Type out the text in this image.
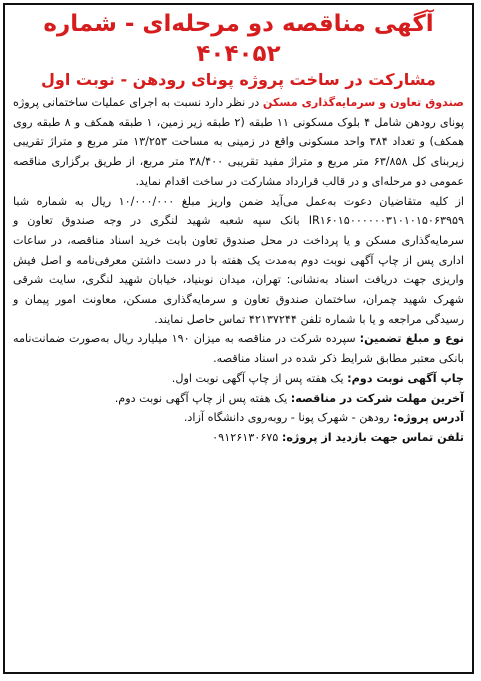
آگهی مناقصه دو مرحله‌ای - شماره ۴۰۴۰۵۲
مشارکت در ساخت پروژه پونای رودهن - نوبت اول

صندوق تعاون و سرمایه‌گذاری مسکن در نظر دارد نسبت به اجرای عملیات ساختمانی پروژه پونای رودهن شامل ۴ بلوک مسکونی ۱۱ طبقه (۲ طبقه زیر زمین، ۱ طبقه همکف و ۸ طبقه روی همکف) و تعداد ۳۸۴ واحد مسکونی واقع در زمینی به مساحت ۱۳/۲۵۳ متر مربع و متراژ تقریبی زیربنای کل ۶۳/۸۵۸ متر مربع و متراژ مفید تقریبی ۳۸/۴۰۰ متر مربع، از طریق برگزاری مناقصه عمومی دو مرحله‌ای و در قالب قرارداد مشارکت در ساخت اقدام نماید.

از کلیه متقاضیان دعوت به‌عمل می‌آید ضمن واریز مبلغ ۱۰/۰۰۰/۰۰۰ ریال به شماره شبا IR۱۶۰۱۵۰۰۰۰۰۰۳۱۰۱۰۱۵۰۶۳۹۵۹ بانک سپه شعبه شهید لنگری در وجه صندوق تعاون و سرمایه‌گذاری مسکن و یا پرداخت در محل صندوق تعاون بابت خرید اسناد مناقصه، در ساعات اداری پس از چاپ آگهی نوبت دوم به‌مدت یک هفته با در دست داشتن معرفی‌نامه و اصل فیش واریزی جهت دریافت اسناد به‌نشانی: تهران، میدان نوبنیاد، خیابان شهید لنگری، سایت شرقی شهرک شهید چمران، ساختمان صندوق تعاون و سرمایه‌گذاری مسکن، معاونت امور پیمان و رسیدگی مراجعه و یا با شماره تلفن ۴۲۱۳۷۲۴۴ تماس حاصل نمایند.

نوع و مبلغ تضمین: سپرده شرکت در مناقصه به میزان ۱۹۰ میلیارد ریال به‌صورت ضمانت‌نامه بانکی معتبر مطابق شرایط ذکر شده در اسناد مناقصه.

چاپ آگهی نوبت دوم: یک هفته پس از چاپ آگهی نوبت اول.

آخرین مهلت شرکت در مناقصه: یک هفته پس از چاپ آگهی نوبت دوم.

آدرس پروژه: رودهن - شهرک پونا - روبه‌روی دانشگاه آزاد.

تلفن تماس جهت بازدید از پروژه: ۰۹۱۲۶۱۳۰۶۷۵
